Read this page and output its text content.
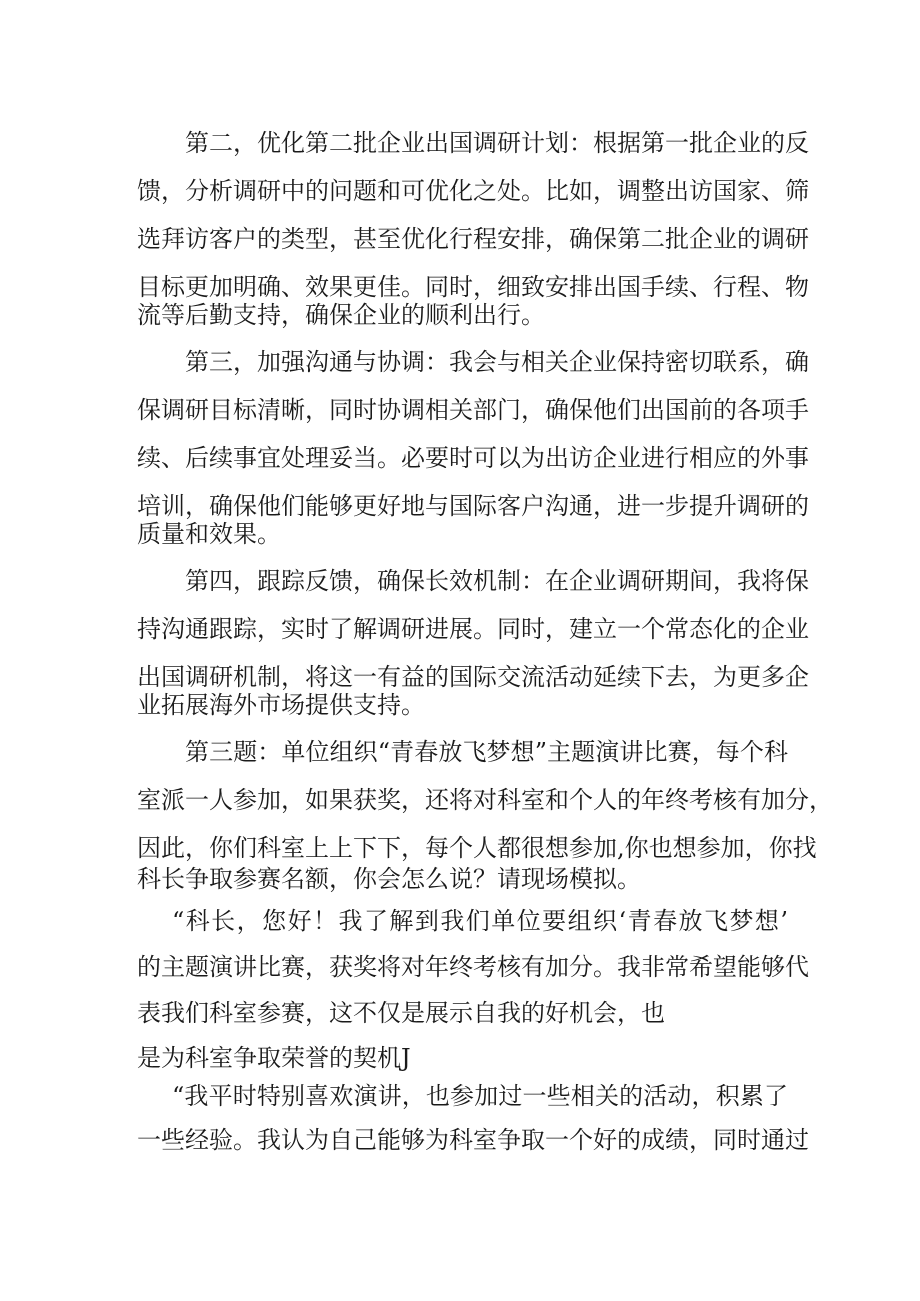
第二，优化第二批企业出国调研计划：根据第一批企业的反
馈，分析调研中的问题和可优化之处。比如，调整出访国家、筛
选拜访客户的类型，甚至优化行程安排，确保第二批企业的调研
目标更加明确、效果更佳。同时，细致安排出国手续、行程、物
流等后勤支持，确保企业的顺利出行。
第三，加强沟通与协调：我会与相关企业保持密切联系，确
保调研目标清晰，同时协调相关部门，确保他们出国前的各项手
续、后续事宜处理妥当。必要时可以为出访企业进行相应的外事
培训，确保他们能够更好地与国际客户沟通，进一步提升调研的
质量和效果。
第四，跟踪反馈，确保长效机制：在企业调研期间，我将保
持沟通跟踪，实时了解调研进展。同时，建立一个常态化的企业
出国调研机制，将这一有益的国际交流活动延续下去，为更多企
业拓展海外市场提供支持。
第三题：单位组织“青春放飞梦想”主题演讲比赛，每个科
室派一人参加，如果获奖，还将对科室和个人的年终考核有加分，
因此，你们科室上上下下，每个人都很想参加,你也想参加，你找
科长争取参赛名额，你会怎么说？请现场模拟。
“科长，您好！我了解到我们单位要组织‘青春放飞梦想’
的主题演讲比赛，获奖将对年终考核有加分。我非常希望能够代
表我们科室参赛，这不仅是展示自我的好机会，也
是为科室争取荣誉的契机J
“我平时特别喜欢演讲，也参加过一些相关的活动，积累了
一些经验。我认为自己能够为科室争取一个好的成绩，同时通过
